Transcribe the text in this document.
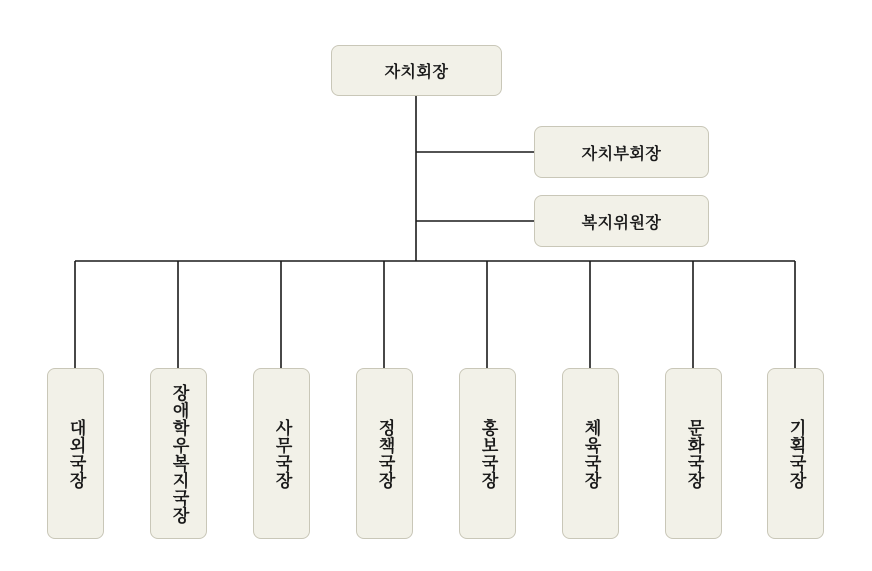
자치회장
자치부회장
복지위원장
대외국장	장애학우복지국장	사무국장	정책국장	홍보국장	체육국장	문화국장	기획국장
